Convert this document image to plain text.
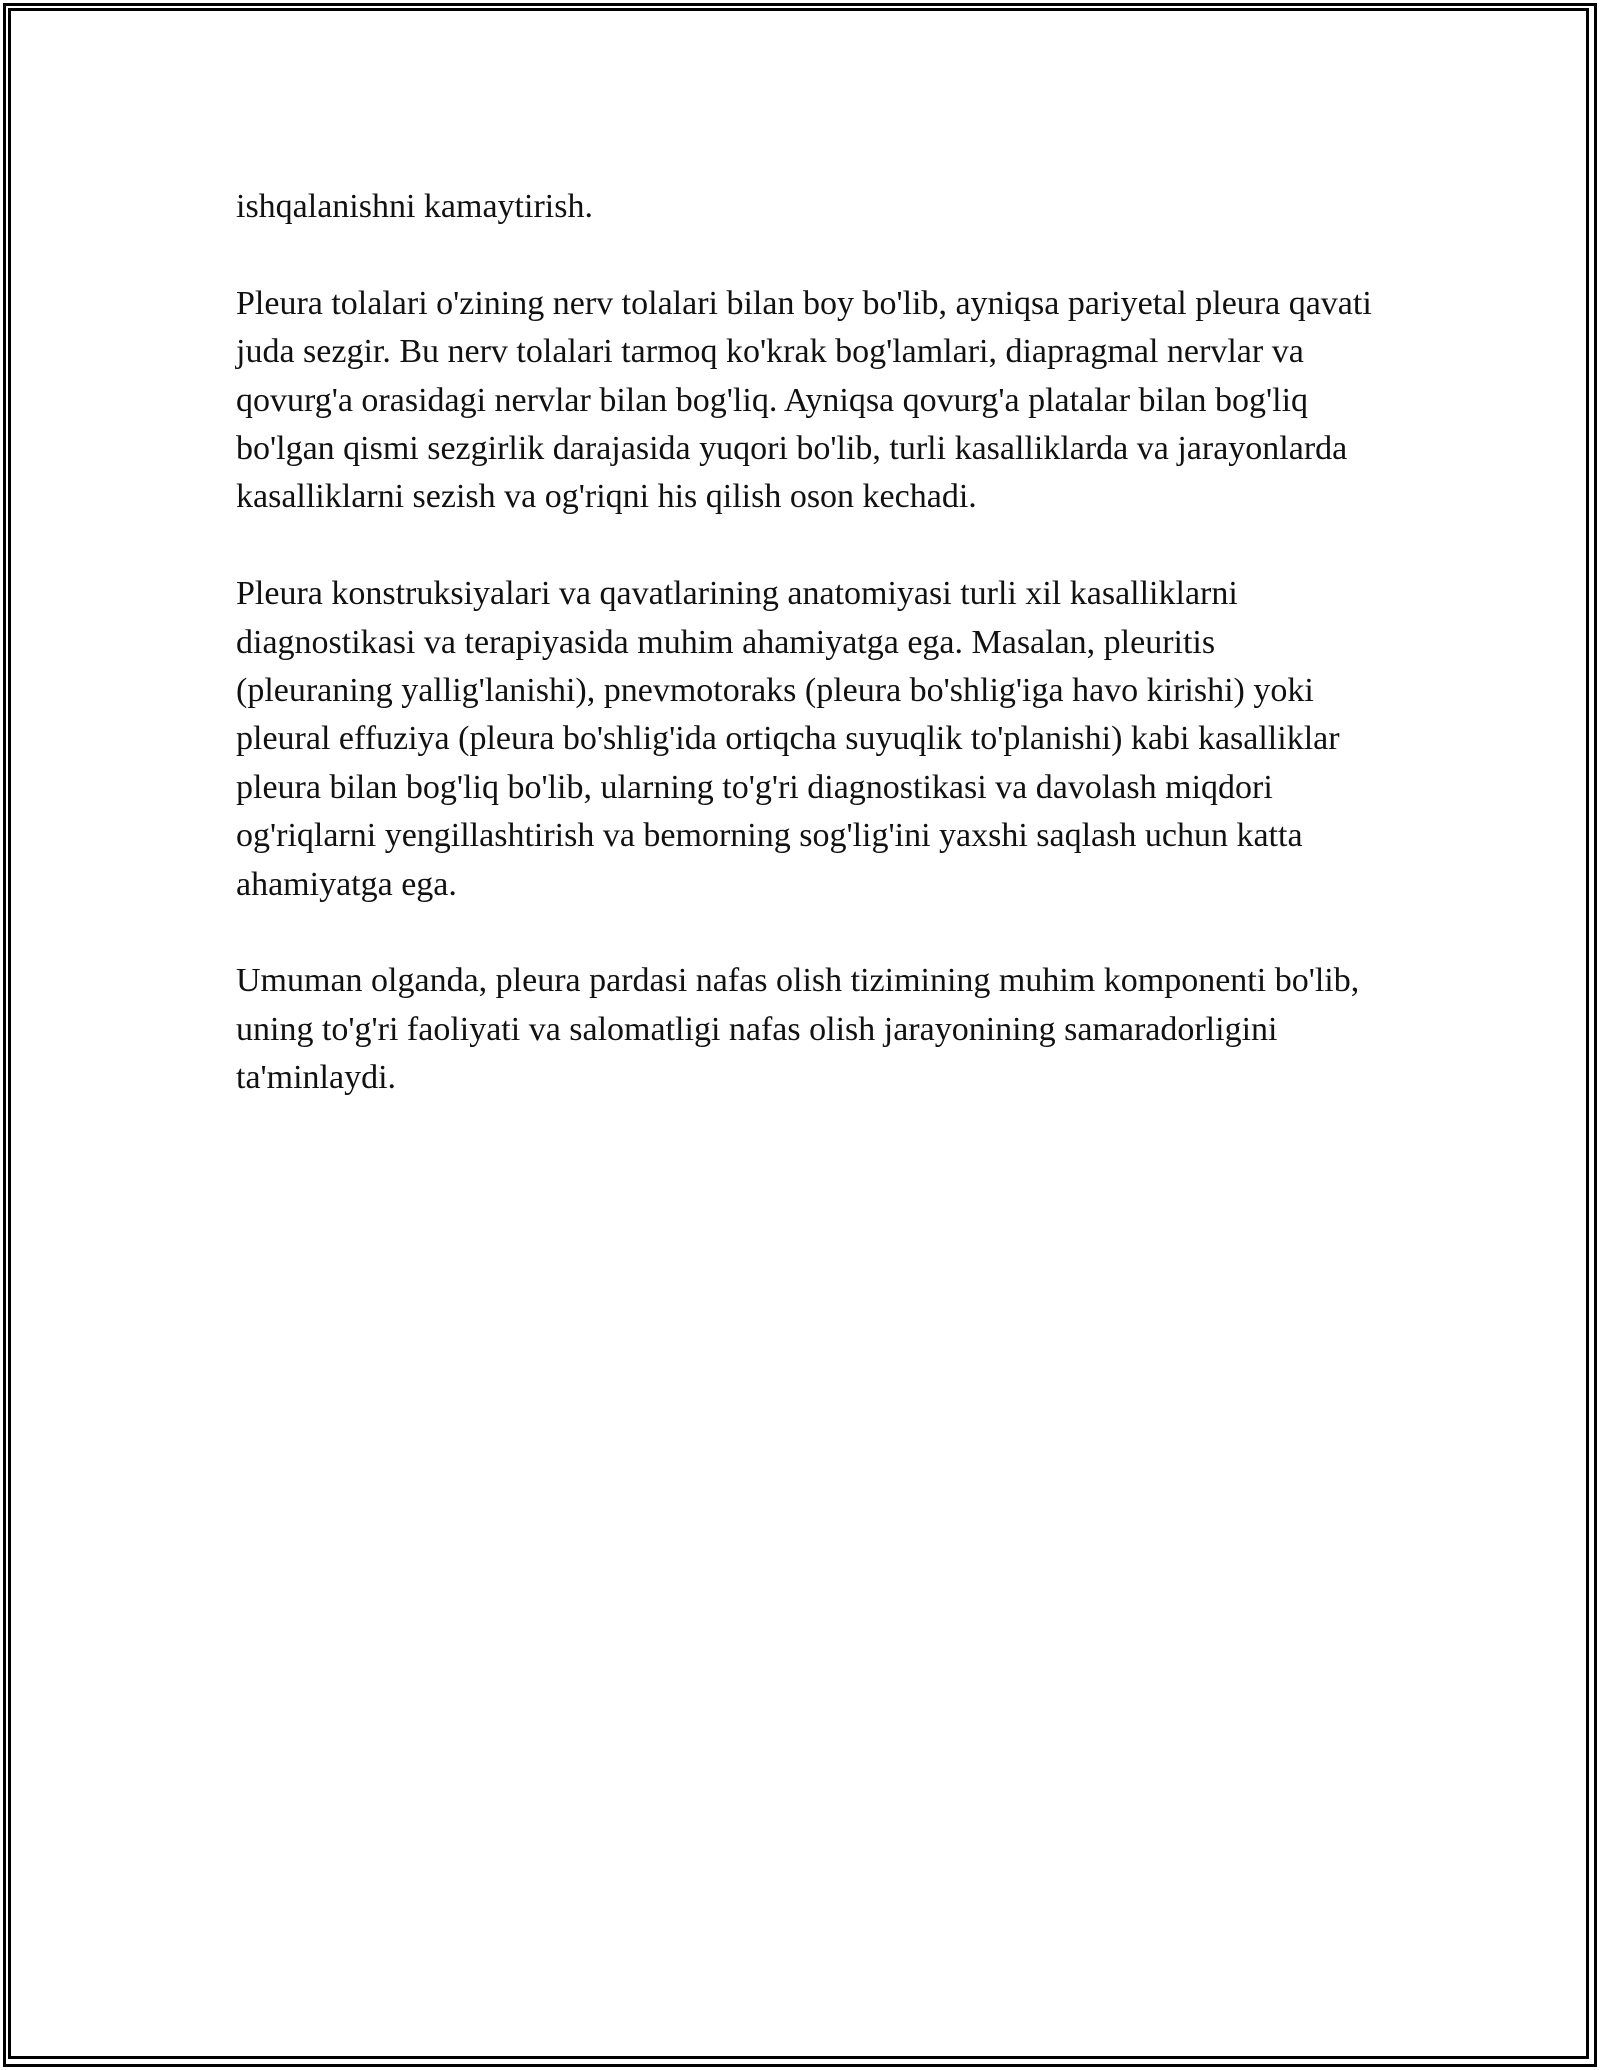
ishqalanishni kamaytirish.

Pleura tolalari o'zining nerv tolalari bilan boy bo'lib, ayniqsa pariyetal pleura qavati juda sezgir. Bu nerv tolalari tarmoq ko'krak bog'lamlari, diapragmal nervlar va qovurg'a orasidagi nervlar bilan bog'liq. Ayniqsa qovurg'a platalar bilan bog'liq bo'lgan qismi sezgirlik darajasida yuqori bo'lib, turli kasalliklarda va jarayonlarda kasalliklarni sezish va og'riqni his qilish oson kechadi.

Pleura konstruksiyalari va qavatlarining anatomiyasi turli xil kasalliklarni diagnostikasi va terapiyasida muhim ahamiyatga ega. Masalan, pleuritis (pleuraning yallig'lanishi), pnevmotoraks (pleura bo'shlig'iga havo kirishi) yoki pleural effuziya (pleura bo'shlig'ida ortiqcha suyuqlik to'planishi) kabi kasalliklar pleura bilan bog'liq bo'lib, ularning to'g'ri diagnostikasi va davolash miqdori og'riqlarni yengillashtirish va bemorning sog'lig'ini yaxshi saqlash uchun katta ahamiyatga ega.

Umuman olganda, pleura pardasi nafas olish tizimining muhim komponenti bo'lib, uning to'g'ri faoliyati va salomatligi nafas olish jarayonining samaradorligini ta'minlaydi.
